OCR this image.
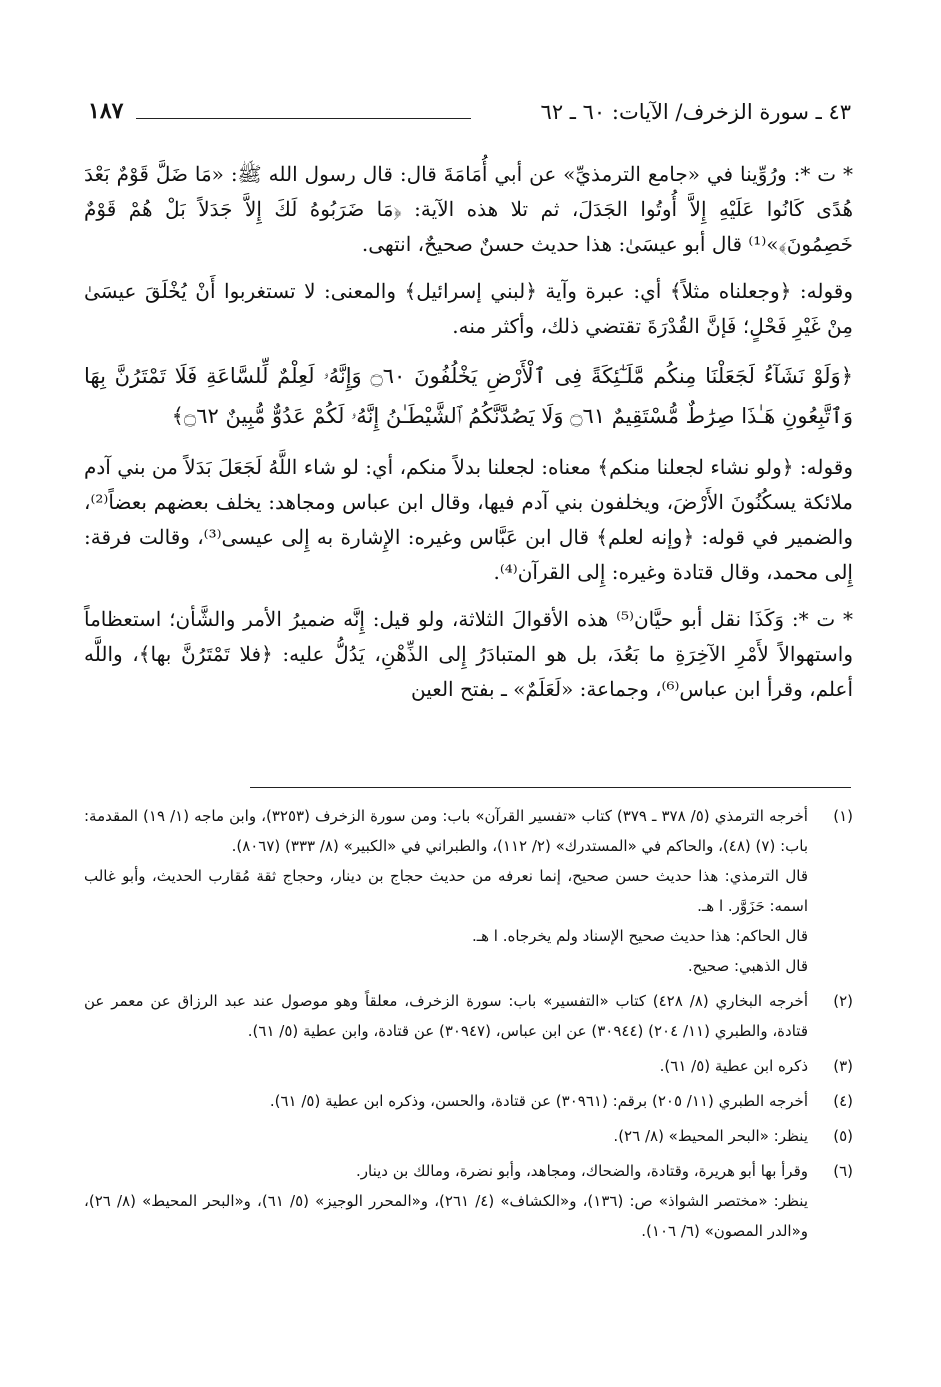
٤٣ ـ سورة الزخرف/ الآيات: ٦٠ ـ ٦٢
١٨٧

* ت *: ورُوِّينا في «جامع الترمذيِّ» عن أبي أُمَامَةَ قال: قال رسول الله ﷺ: «مَا ضَلَّ قَوْمٌ بَعْدَ هُدًى كَانُوا عَلَيْهِ إِلاَّ أُوتُوا الجَدَلَ، ثم تلا هذه الآية: ﴿مَا ضَرَبُوهُ لَكَ إِلاَّ جَدَلاً بَلْ هُمْ قَوْمٌ خَصِمُونَ﴾»⁽¹⁾ قال أبو عيسَىٰ: هذا حديث حسنٌ صحيحٌ، انتهى.

وقوله: ﴿وجعلناه مثلاً﴾ أي: عبرة وآية ﴿لبني إسرائيل﴾ والمعنى: لا تستغربوا أَنْ يُخْلَقَ عيسَىٰ مِنْ غَيْرِ فَحْلٍ؛ فَإنَّ القُدْرَةَ تقتضي ذلك، وأكثر منه.

﴿وَلَوْ نَشَآءُ لَجَعَلْنَا مِنكُم مَّلَـٰٓئِكَةً فِى ٱلْأَرْضِ يَخْلُفُونَ ۝٦٠ وَإِنَّهُۥ لَعِلْمٌ لِّلسَّاعَةِ فَلَا تَمْتَرُنَّ بِهَا وَٱتَّبِعُونِ هَـٰذَا صِرَٰطٌ مُّسْتَقِيمٌ ۝٦١ وَلَا يَصُدَّنَّكُمُ ٱلشَّيْطَـٰنُ إِنَّهُۥ لَكُمْ عَدُوٌّ مُّبِينٌ ۝٦٢﴾

وقوله: ﴿ولو نشاء لجعلنا منكم﴾ معناه: لجعلنا بدلاً منكم، أي: لو شاء اللَّهُ لَجَعَلَ بَدَلاً من بني آدم ملائكة يسكُنُونَ الأَرْضَ، ويخلفون بني آدم فيها، وقال ابن عباس ومجاهد: يخلف بعضهم بعضاً⁽²⁾، والضمير في قوله: ﴿وإنه لعلم﴾ قال ابن عَبَّاس وغيره: الإِشارة به إِلى عيسى⁽³⁾، وقالت فرقة: إِلى محمد، وقال قتادة وغيره: إِلى القرآن⁽⁴⁾.

* ت *: وَكَذَا نقل أبو حيَّان⁽⁵⁾ هذه الأقوالَ الثلاثة، ولو قيل: إِنَّه ضميرُ الأمر والشَّأن؛ استعظاماً واستهوالاً لأَمْرِ الآخِرَةِ ما بَعُدَ، بل هو المتبادَرُ إِلى الذِّهْنِ، يَدُلُّ عليه: ﴿فلا تَمْتَرُنَّ بها﴾، واللَّه أعلم، وقرأ ابن عباس⁽⁶⁾، وجماعة: «لَعَلَمٌ» ـ بفتح العين

(١)

أخرجه الترمذي (٥/ ٣٧٨ ـ ٣٧٩) كتاب «تفسير القرآن» باب: ومن سورة الزخرف (٣٢٥٣)، وابن ماجه (١/ ١٩) المقدمة: باب: (٧) (٤٨)، والحاكم في «المستدرك» (٢/ ١١٢)، والطبراني في «الكبير» (٨/ ٣٣٣) (٨٠٦٧).

قال الترمذي: هذا حديث حسن صحيح، إنما نعرفه من حديث حجاج بن دينار، وحجاج ثقة مُقارب الحديث، وأبو غالب اسمه: حَزَوَّر. ا هـ.

قال الحاكم: هذا حديث صحيح الإسناد ولم يخرجاه. ا هـ.

قال الذهبي: صحيح.

(٢)

أخرجه البخاري (٨/ ٤٢٨) كتاب «التفسير» باب: سورة الزخرف، معلقاً وهو موصول عند عبد الرزاق عن معمر عن قتادة، والطبري (١١/ ٢٠٤) (٣٠٩٤٤) عن ابن عباس، (٣٠٩٤٧) عن قتادة، وابن عطية (٥/ ٦١).

(٣)

ذكره ابن عطية (٥/ ٦١).

(٤)

أخرجه الطبري (١١/ ٢٠٥) برقم: (٣٠٩٦١) عن قتادة، والحسن، وذكره ابن عطية (٥/ ٦١).

(٥)

ينظر: «البحر المحيط» (٨/ ٢٦).

(٦)

وقرأ بها أبو هريرة، وقتادة، والضحاك، ومجاهد، وأبو نضرة، ومالك بن دينار.

ينظر: «مختصر الشواذ» ص: (١٣٦)، و«الكشاف» (٤/ ٢٦١)، و«المحرر الوجيز» (٥/ ٦١)، و«البحر المحيط» (٨/ ٢٦)، و«الدر المصون» (٦/ ١٠٦).
